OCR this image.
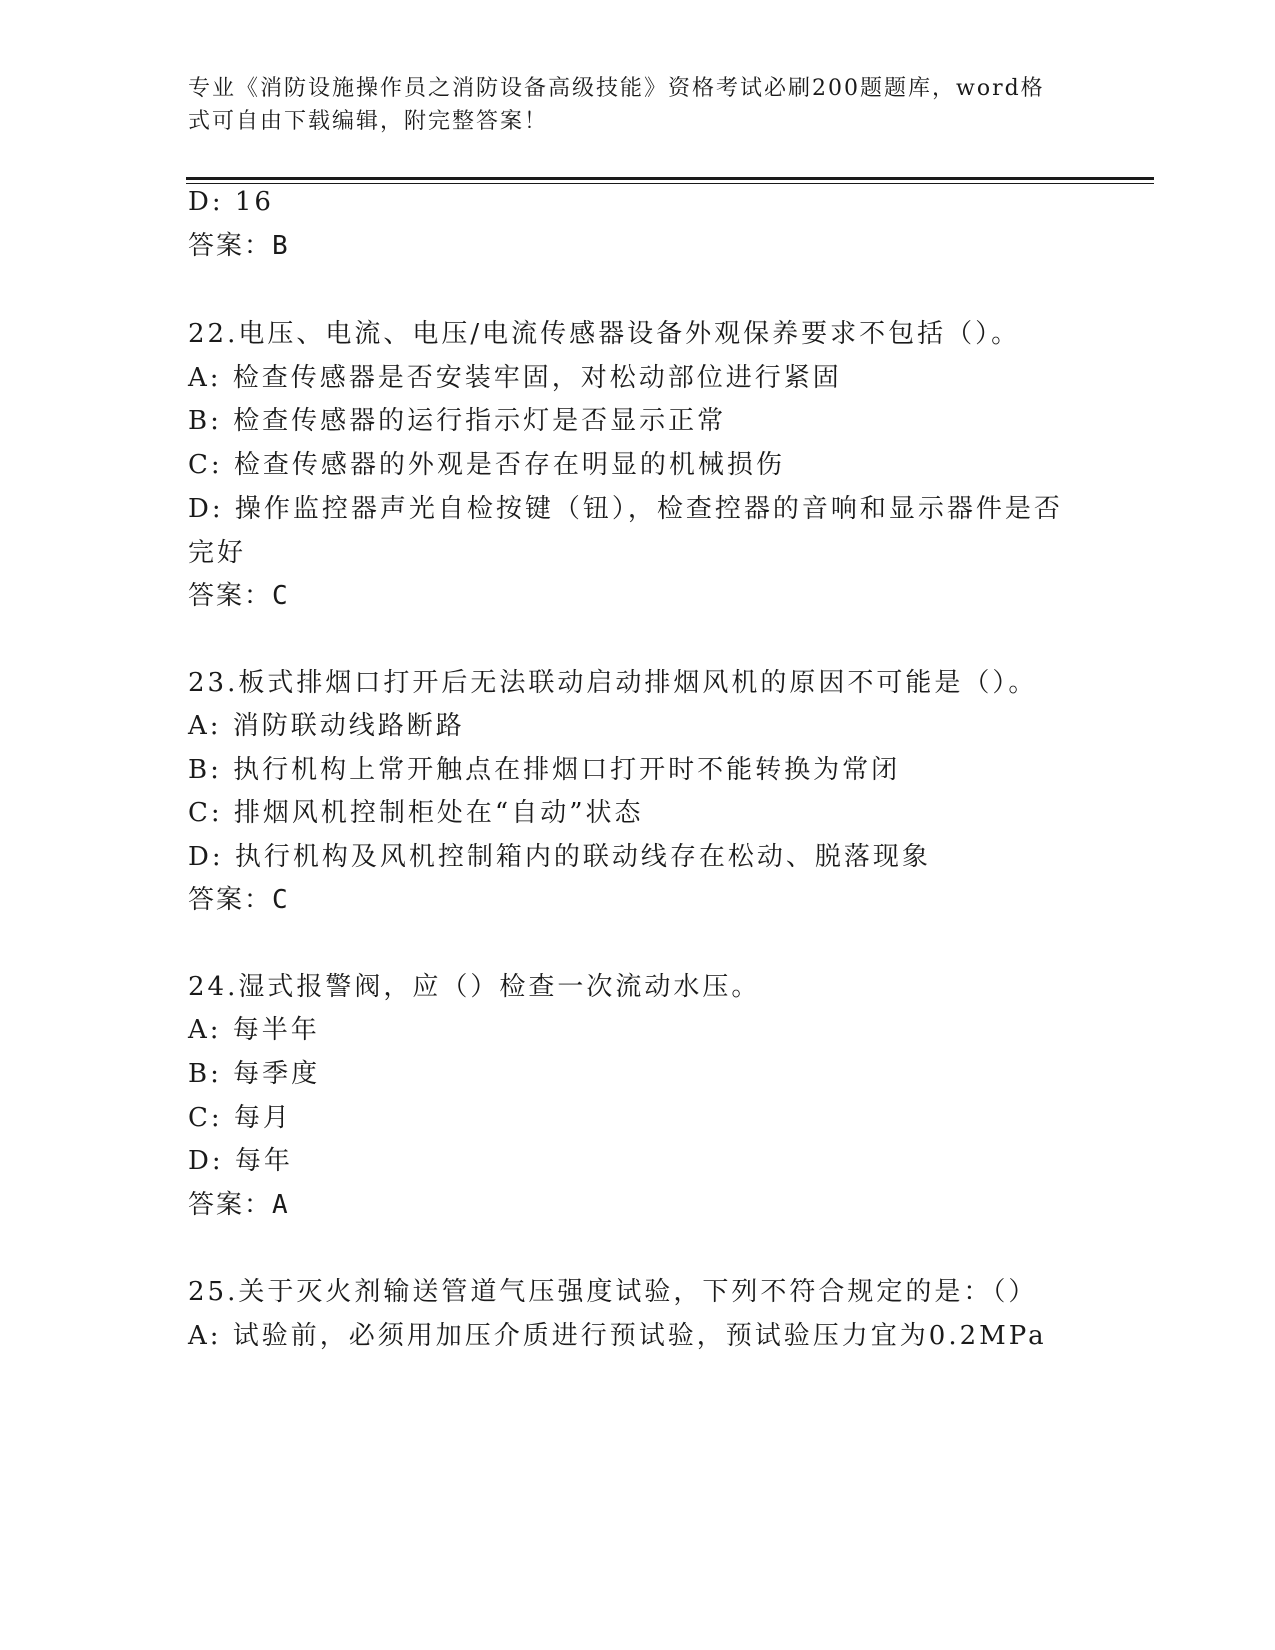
专业《消防设施操作员之消防设备高级技能》资格考试必刷200题题库，word格式可自由下载编辑，附完整答案！
D: 16
答案：B
22.电压、电流、电压/电流传感器设备外观保养要求不包括（）。
A: 检查传感器是否安装牢固，对松动部位进行紧固
B: 检查传感器的运行指示灯是否显示正常
C: 检查传感器的外观是否存在明显的机械损伤
D: 操作监控器声光自检按键（钮），检查控器的音响和显示器件是否
完好
答案：C
23.板式排烟口打开后无法联动启动排烟风机的原因不可能是（）。
A: 消防联动线路断路
B: 执行机构上常开触点在排烟口打开时不能转换为常闭
C: 排烟风机控制柜处在“自动”状态
D: 执行机构及风机控制箱内的联动线存在松动、脱落现象
答案：C
24.湿式报警阀，应（）检查一次流动水压。
A: 每半年
B: 每季度
C: 每月
D: 每年
答案：A
25.关于灭火剂输送管道气压强度试验，下列不符合规定的是：（）
A: 试验前，必须用加压介质进行预试验，预试验压力宜为0.2MPa
